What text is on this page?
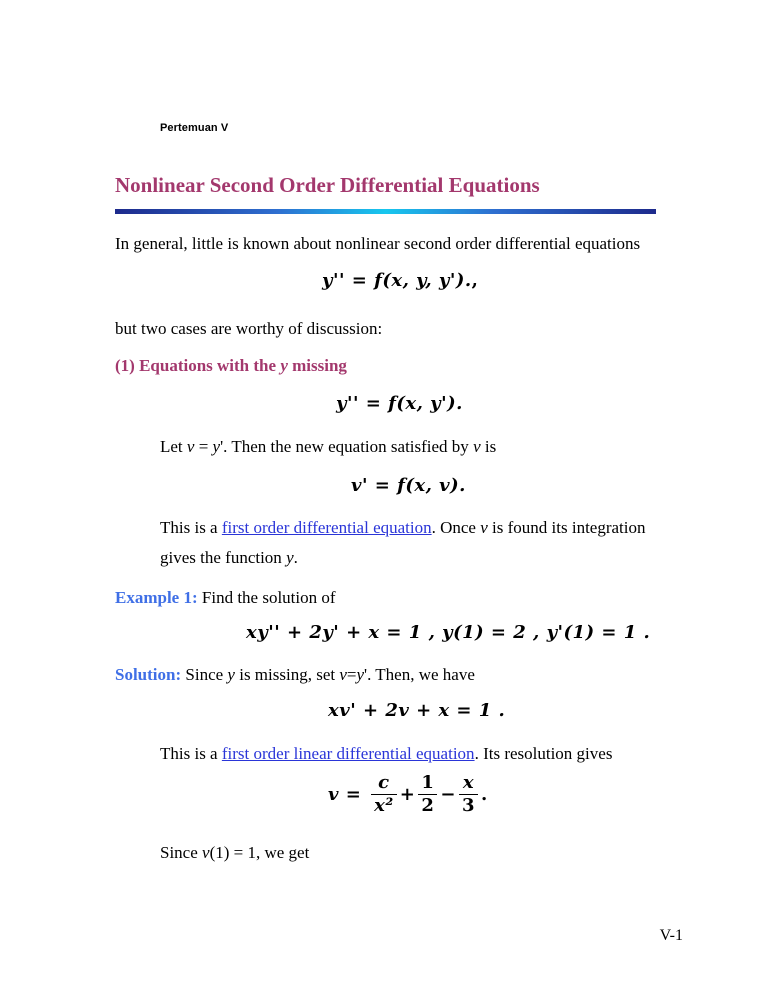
Pertemuan V
Nonlinear Second Order Differential Equations
In general, little is known about nonlinear second order differential equations
y'' = f(x, y, y').,
but two cases are worthy of discussion:
(1) Equations with the y missing
y'' = f(x, y').
Let v = y'. Then the new equation satisfied by v is
v' = f(x, v).
This is a first order differential equation. Once v is found its integration
gives the function y.
Example 1: Find the solution of
xy'' + 2y' + x = 1 , y(1) = 2 , y'(1) = 1 .
Solution: Since y is missing, set v=y'. Then, we have
xv' + 2v + x = 1 .
This is a first order linear differential equation. Its resolution gives
$v = \frac{c}{\text{x²}} + \frac{1}{2} - \frac{x}{3}$ .
Since v(1) = 1, we get
V-1
